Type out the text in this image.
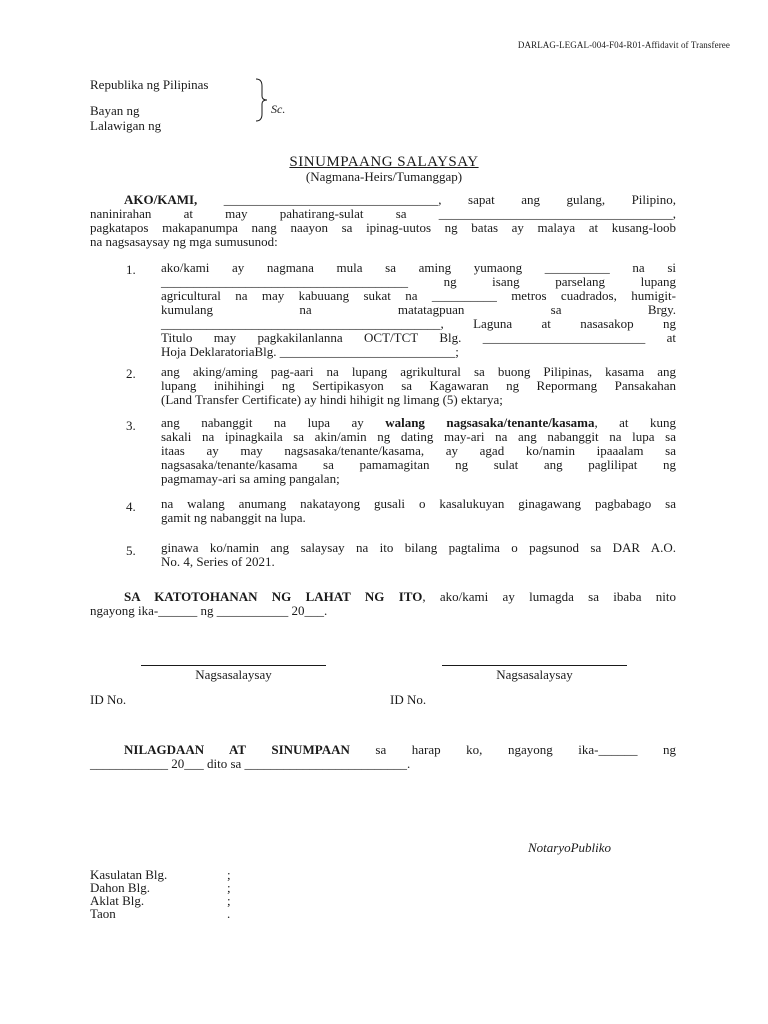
DARLAG-LEGAL-004-F04-R01-Affidavit of Transferee
Republika ng Pilipinas
Bayan ng
Lalawigan ng
Sc.
SINUMPAANG SALAYSAY
(Nagmana-Heirs/Tumanggap)
AKO/KAMI, _________________________________, sapat ang gulang, Pilipino,
naninirahan at may pahatirang-sulat sa ____________________________________,
pagkatapos makapanumpa nang naayon sa ipinag-uutos ng batas ay malaya at kusang-loob
na nagsasaysay ng mga sumusunod:
1. ako/kami ay nagmana mula sa aming yumaong __________ na si
______________________________________ ng isang parselang lupang
agricultural na may kabuuang sukat na __________ metros cuadrados, humigit-
kumulang na matatagpuan sa Brgy.
___________________________________________, Laguna at nasasakop ng
Titulo may pagkakilanlanna OCT/TCT Blg. _________________________ at
Hoja DeklaratoriaBlg. ___________________________;
2. ang aking/aming pag-aari na lupang agrikultural sa buong Pilipinas, kasama ang
lupang inihihingi ng Sertipikasyon sa Kagawaran ng Repormang Pansakahan
(Land Transfer Certificate) ay hindi hihigit ng limang (5) ektarya;
3. ang nabanggit na lupa ay walang nagsasaka/tenante/kasama, at kung
sakali na ipinagkaila sa akin/amin ng dating may-ari na ang nabanggit na lupa sa
itaas ay may nagsasaka/tenante/kasama, ay agad ko/namin ipaaalam sa
nagsasaka/tenante/kasama sa pamamagitan ng sulat ang paglilipat ng
pagmamay-ari sa aming pangalan;
4. na walang anumang nakatayong gusali o kasalukuyan ginagawang pagbabago sa
gamit ng nabanggit na lupa.
5. ginawa ko/namin ang salaysay na ito bilang pagtalima o pagsunod sa DAR A.O.
No. 4, Series of 2021.
SA KATOTOHANAN NG LAHAT NG ITO, ako/kami ay lumagda sa ibaba nito
ngayong ika-______ ng ___________ 20___.
Nagsasalaysay	Nagsasalaysay
ID No.	ID No.
NILAGDAAN AT SINUMPAAN sa harap ko, ngayong ika-______ ng
____________ 20___ dito sa _________________________.
NotaryoPubliko
Kasulatan Blg.	;
Dahon Blg.	;
Aklat Blg.	;
Taon	.
